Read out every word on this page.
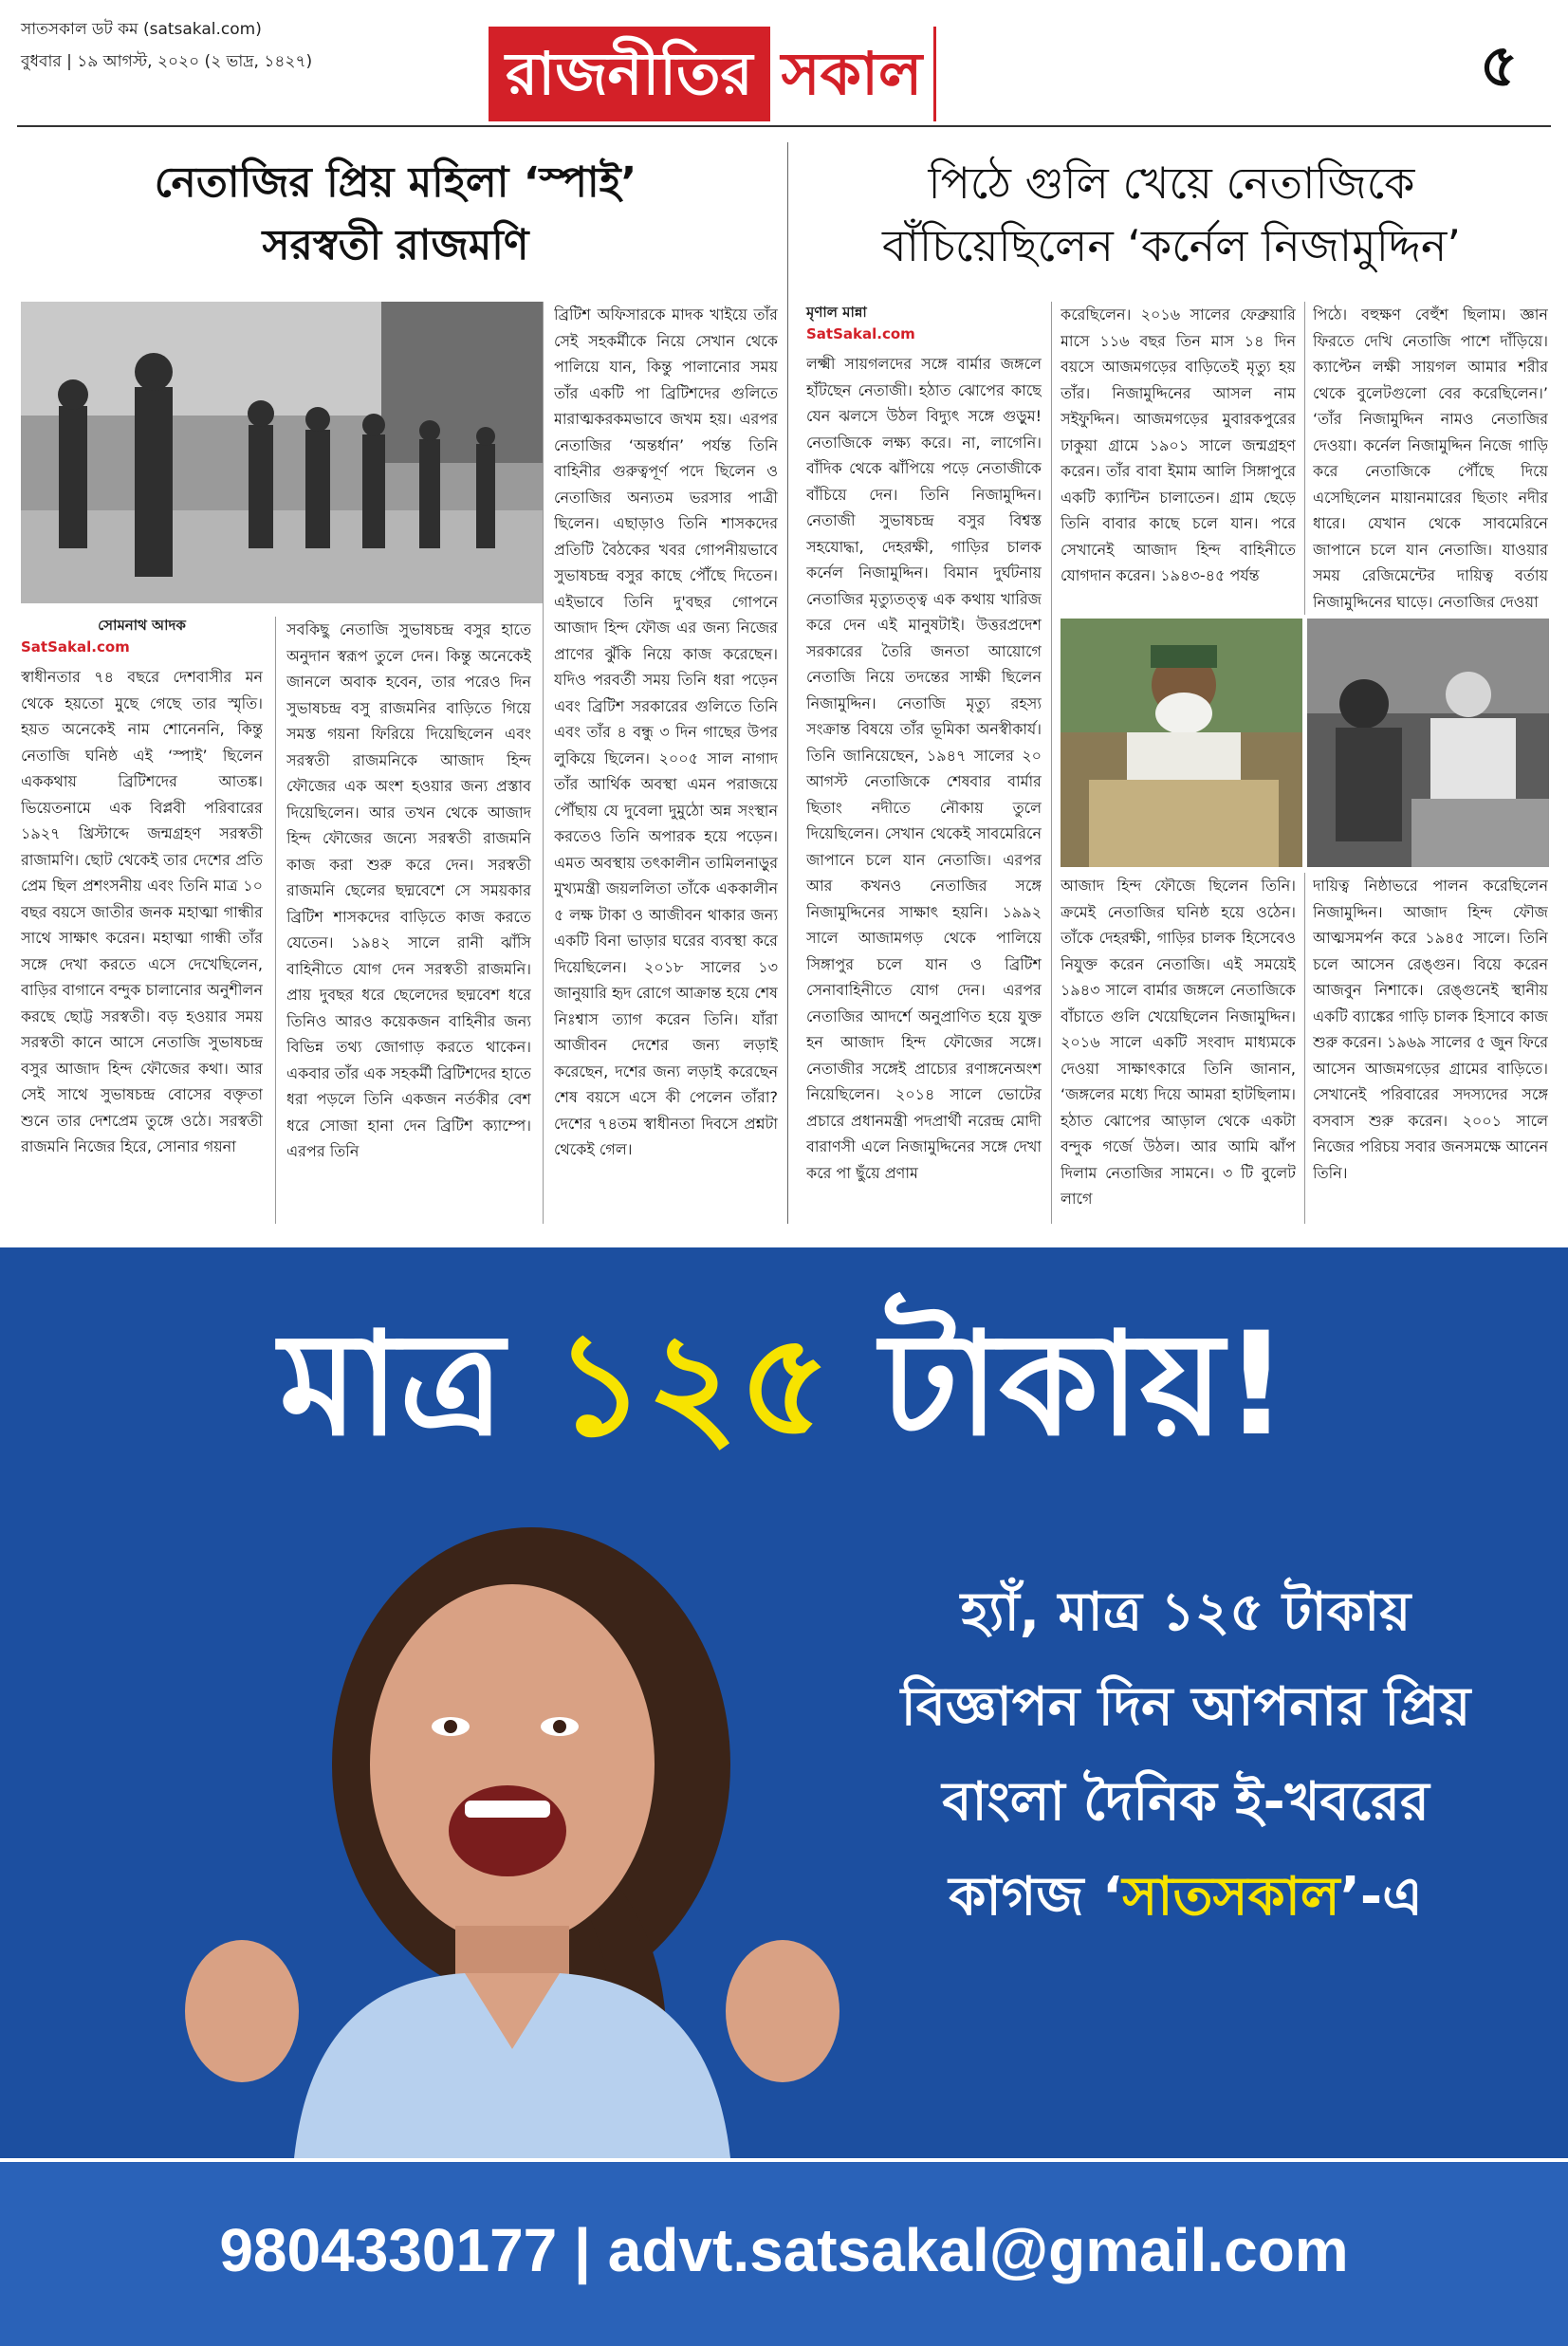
সাতসকাল ডট কম (satsakal.com)
বুধবার | ১৯ আগস্ট, ২০২০ (২ ভাদ্র, ১৪২৭)	রাজনীতির সকাল	৫
নেতাজির প্রিয় মহিলা ‘স্পাই’
সরস্বতী রাজমণি
সোমনাথ আদক
SatSakal.com
স্বাধীনতার ৭৪ বছরে দেশবাসীর মন থেকে হয়তো মুছে গেছে তার স্মৃতি। হয়ত অনেকেই নাম শোনেননি, কিন্তু নেতাজি ঘনিষ্ঠ এই ‘স্পাই’ ছিলেন এককথায় ব্রিটিশদের আতঙ্ক। ভিয়েতনামে এক বিপ্লবী পরিবারের ১৯২৭ খ্রিস্টাব্দে জন্মগ্রহণ সরস্বতী রাজামণি। ছোট থেকেই তার দেশের প্রতি প্রেম ছিল প্রশংসনীয় এবং তিনি মাত্র ১০ বছর বয়সে জাতীর জনক মহাত্মা গান্ধীর সাথে সাক্ষাৎ করেন। মহাত্মা গান্ধী তাঁর সঙ্গে দেখা করতে এসে দেখেছিলেন, বাড়ির বাগানে বন্দুক চালানোর অনুশীলন করছে ছোট্ট সরস্বতী। বড় হওয়ার সময় সরস্বতী কানে আসে নেতাজি সুভাষচন্দ্র বসুর আজাদ হিন্দ ফৌজের কথা। আর সেই সাথে সুভাষচন্দ্র বোসের বক্তৃতা শুনে তার দেশপ্রেম তুঙ্গে ওঠে। সরস্বতী রাজমনি নিজের হিরে, সোনার গয়না
সবকিছু নেতাজি সুভাষচন্দ্র বসুর হাতে অনুদান স্বরূপ তুলে দেন। কিন্তু অনেকেই জানলে অবাক হবেন, তার পরেও দিন সুভাষচন্দ্র বসু রাজমনির বাড়িতে গিয়ে সমস্ত গয়না ফিরিয়ে দিয়েছিলেন এবং সরস্বতী রাজমনিকে আজাদ হিন্দ ফৌজের এক অংশ হওয়ার জন্য প্রস্তাব দিয়েছিলেন। আর তখন থেকে আজাদ হিন্দ ফৌজের জন্যে সরস্বতী রাজমনি কাজ করা শুরু করে দেন। সরস্বতী রাজমনি ছেলের ছদ্মবেশে সে সময়কার ব্রিটিশ শাসকদের বাড়িতে কাজ করতে যেতেন। ১৯৪২ সালে রানী ঝাঁসি বাহিনীতে যোগ দেন সরস্বতী রাজমনি। প্রায় দুবছর ধরে ছেলেদের ছদ্মবেশ ধরে তিনিও আরও কয়েকজন বাহিনীর জন্য বিভিন্ন তথ্য জোগাড় করতে থাকেন। একবার তাঁর এক সহকর্মী ব্রিটিশদের হাতে ধরা পড়লে তিনি একজন নর্তকীর বেশ ধরে সোজা হানা দেন ব্রিটিশ ক্যাম্পে। এরপর তিনি
ব্রিটিশ অফিসারকে মাদক খাইয়ে তাঁর সেই সহকর্মীকে নিয়ে সেখান থেকে পালিয়ে যান, কিন্তু পালানোর সময় তাঁর একটি পা ব্রিটিশদের গুলিতে মারাত্মকরকমভাবে জখম হয়। এরপর নেতাজির ‘অন্তর্ধান’ পর্যন্ত তিনি বাহিনীর গুরুত্বপূর্ণ পদে ছিলেন ও নেতাজির অন্যতম ভরসার পাত্রী ছিলেন। এছাড়াও তিনি শাসকদের প্রতিটি বৈঠকের খবর গোপনীয়ভাবে সুভাষচন্দ্র বসুর কাছে পৌঁছে দিতেন। এইভাবে তিনি দু'বছর গোপনে আজাদ হিন্দ ফৌজ এর জন্য নিজের প্রাণের ঝুঁকি নিয়ে কাজ করেছেন। যদিও পরবর্তী সময় তিনি ধরা পড়েন এবং ব্রিটিশ সরকারের গুলিতে তিনি এবং তাঁর ৪ বন্ধু ৩ দিন গাছের উপর লুকিয়ে ছিলেন। ২০০৫ সাল নাগাদ তাঁর আর্থিক অবস্থা এমন পরাজয়ে পৌঁছায় যে দুবেলা দুমুঠো অন্ন সংস্থান করতেও তিনি অপারক হয়ে পড়েন। এমত অবস্থায় তৎকালীন তামিলনাড়ুর মুখ্যমন্ত্রী জয়ললিতা তাঁকে এককালীন ৫ লক্ষ টাকা ও আজীবন থাকার জন্য একটি বিনা ভাড়ার ঘরের ব্যবস্থা করে দিয়েছিলেন। ২০১৮ সালের ১৩ জানুয়ারি হৃদ রোগে আক্রান্ত হয়ে শেষ নিঃশ্বাস ত্যাগ করেন তিনি। যাঁরা আজীবন দেশের জন্য লড়াই করেছেন, দশের জন্য লড়াই করেছেন শেষ বয়সে এসে কী পেলেন তাঁরা? দেশের ৭৪তম স্বাধীনতা দিবসে প্রশ্নটা থেকেই গেল।
পিঠে গুলি খেয়ে নেতাজিকে
বাঁচিয়েছিলেন ‘কর্নেল নিজামুদ্দিন’
মৃণাল মান্না
SatSakal.com
লক্ষ্মী সায়গলদের সঙ্গে বার্মার জঙ্গলে হাঁটছেন নেতাজী। হঠাত ঝোপের কাছে যেন ঝলসে উঠল বিদ্যুৎ সঙ্গে গুড়ুম! নেতাজিকে লক্ষ্য করে। না, লাগেনি। বাঁদিক থেকে ঝাঁপিয়ে পড়ে নেতাজীকে বাঁচিয়ে দেন। তিনি নিজামুদ্দিন। নেতাজী সুভাষচন্দ্র বসুর বিশ্বস্ত সহযোদ্ধা, দেহরক্ষী, গাড়ির চালক কর্নেল নিজামুদ্দিন। বিমান দুর্ঘটনায় নেতাজির মৃত্যুতত্ত্ব এক কথায় খারিজ করে দেন এই মানুষটাই। উত্তরপ্রদেশ সরকারের তৈরি জনতা আয়োগে নেতাজি নিয়ে তদন্তের সাক্ষী ছিলেন নিজামুদ্দিন। নেতাজি মৃত্যু রহস্য সংক্রান্ত বিষয়ে তাঁর ভূমিকা অনস্বীকার্য। তিনি জানিয়েছেন, ১৯৪৭ সালের ২০ আগস্ট নেতাজিকে শেষবার বার্মার ছিতাং নদীতে নৌকায় তুলে দিয়েছিলেন। সেখান থেকেই সাবমেরিনে জাপানে চলে যান নেতাজি। এরপর আর কখনও নেতাজির সঙ্গে নিজামুদ্দিনের সাক্ষাৎ হয়নি। ১৯৯২ সালে আজামগড় থেকে পালিয়ে সিঙ্গাপুর চলে যান ও ব্রিটিশ সেনাবাহিনীতে যোগ দেন। এরপর নেতাজির আদর্শে অনুপ্রাণিত হয়ে যুক্ত হন আজাদ হিন্দ ফৌজের সঙ্গে। নেতাজীর সঙ্গেই প্রাচ্যের রণাঙ্গনেঅংশ নিয়েছিলেন। ২০১৪ সালে ভোটের প্রচারে প্রধানমন্ত্রী পদপ্রার্থী নরেন্দ্র মোদী বারাণসী এলে নিজামুদ্দিনের সঙ্গে দেখা করে পা ছুঁয়ে প্রণাম
করেছিলেন। ২০১৬ সালের ফেব্রুয়ারি মাসে ১১৬ বছর তিন মাস ১৪ দিন বয়সে আজমগড়ের বাড়িতেই মৃত্যু হয় তাঁর। নিজামুদ্দিনের আসল নাম সইফুদ্দিন। আজমগড়ের মুবারকপুরের ঢাকুয়া গ্রামে ১৯০১ সালে জন্মগ্রহণ করেন। তাঁর বাবা ইমাম আলি সিঙ্গাপুরে একটি ক্যান্টিন চালাতেন। গ্রাম ছেড়ে তিনি বাবার কাছে চলে যান। পরে সেখানেই আজাদ হিন্দ বাহিনীতে যোগদান করেন। ১৯৪৩-৪৫ পর্যন্ত
পিঠে। বহুক্ষণ বেহুঁশ ছিলাম। জ্ঞান ফিরতে দেখি নেতাজি পাশে দাঁড়িয়ে। ক্যাপ্টেন লক্ষী সায়গল আমার শরীর থেকে বুলেটগুলো বের করেছিলেন।’ ‘তাঁর নিজামুদ্দিন নামও নেতাজির দেওয়া। কর্নেল নিজামুদ্দিন নিজে গাড়ি করে নেতাজিকে পৌঁছে দিয়ে এসেছিলেন মায়ানমারের ছিতাং নদীর ধারে। যেখান থেকে সাবমেরিনে জাপানে চলে যান নেতাজি। যাওয়ার সময় রেজিমেন্টের দায়িত্ব বর্তায় নিজামুদ্দিনের ঘাড়ে। নেতাজির দেওয়া
আজাদ হিন্দ ফৌজে ছিলেন তিনি। ক্রমেই নেতাজির ঘনিষ্ঠ হয়ে ওঠেন। তাঁকে দেহরক্ষী, গাড়ির চালক হিসেবেও নিযুক্ত করেন নেতাজি। এই সময়েই ১৯৪৩ সালে বার্মার জঙ্গলে নেতাজিকে বাঁচাতে গুলি খেয়েছিলেন নিজামুদ্দিন। ২০১৬ সালে একটি সংবাদ মাধ্যমকে দেওয়া সাক্ষাৎকারে তিনি জানান, ‘জঙ্গলের মধ্যে দিয়ে আমরা হাটছিলাম। হঠাত ঝোপের আড়াল থেকে একটা বন্দুক গর্জে উঠল। আর আমি ঝাঁপ দিলাম নেতাজির সামনে। ৩ টি বুলেট লাগে
দায়িত্ব নিষ্ঠাভরে পালন করেছিলেন নিজামুদ্দিন। আজাদ হিন্দ ফৌজ আত্মসমর্পন করে ১৯৪৫ সালে। তিনি চলে আসেন রেঙ্গুন। বিয়ে করেন আজবুন নিশাকে। রেঙ্গুনেই স্থানীয় একটি ব্যাঙ্কের গাড়ি চালক হিসাবে কাজ শুরু করেন। ১৯৬৯ সালের ৫ জুন ফিরে আসেন আজমগড়ের গ্রামের বাড়িতে। সেখানেই পরিবারের সদস্যদের সঙ্গে বসবাস শুরু করেন। ২০০১ সালে নিজের পরিচয় সবার জনসমক্ষে আনেন তিনি।
মাত্র ১২৫ টাকায়!
হ্যাঁ, মাত্র ১২৫ টাকায়
বিজ্ঞাপন দিন আপনার প্রিয়
বাংলা দৈনিক ই-খবরের
কাগজ ‘সাতসকাল’-এ
9804330177 | advt.satsakal@gmail.com
